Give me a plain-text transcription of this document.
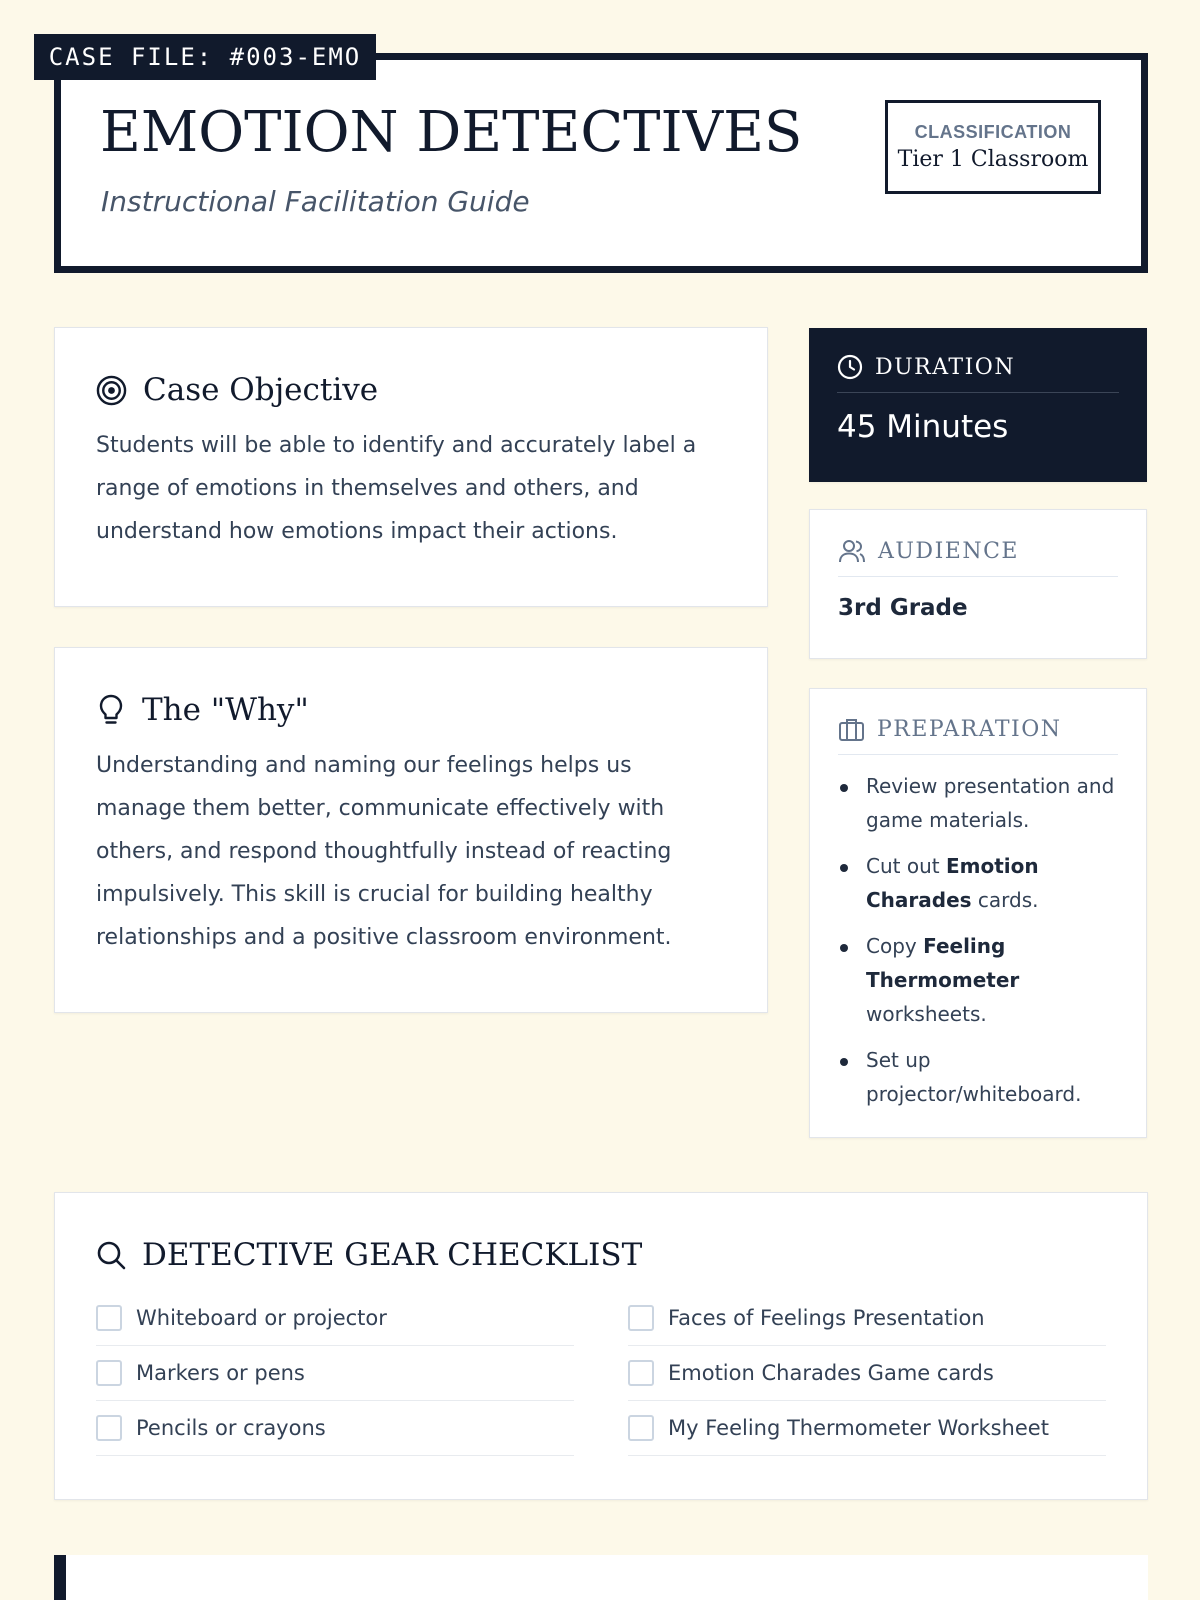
CASE FILE: #003-EMO
EMOTION DETECTIVES
Instructional Facilitation Guide
CLASSIFICATION
Tier 1 Classroom
Case Objective

Students will be able to identify and accurately label a range of emotions in themselves and others, and understand how emotions impact their actions.

The "Why"

Understanding and naming our feelings helps us manage them better, communicate effectively with others, and respond thoughtfully instead of reacting impulsively. This skill is crucial for building healthy relationships and a positive classroom environment.

DURATION
45 Minutes
AUDIENCE
3rd Grade
PREPARATION
Review presentation and game materials.
Cut out Emotion Charades cards.
Copy Feeling Thermometer worksheets.
Set up projector/whiteboard.
DETECTIVE GEAR CHECKLIST
Whiteboard or projector	Faces of Feelings Presentation
Markers or pens	Emotion Charades Game cards
Pencils or crayons	My Feeling Thermometer Worksheet
